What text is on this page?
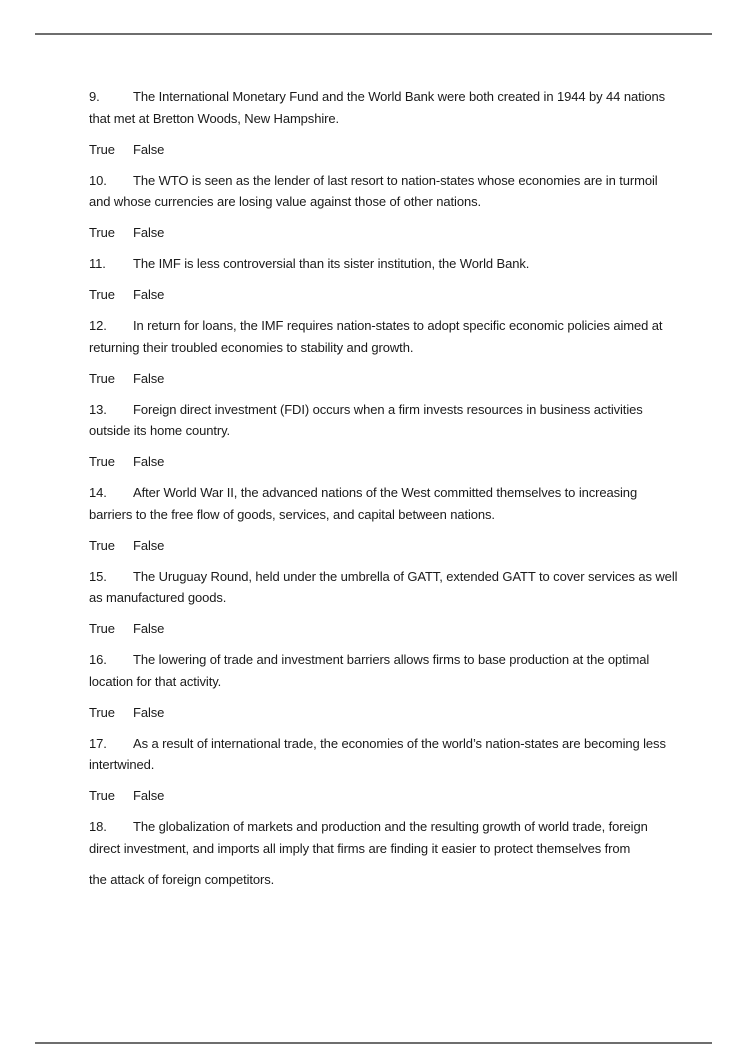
9.	The International Monetary Fund and the World Bank were both created in 1944 by 44 nations
that met at Bretton Woods, New Hampshire.
True False
10. The WTO is seen as the lender of last resort to nation-states whose economies are in turmoil
and whose currencies are losing value against those of other nations.
True False
11. The IMF is less controversial than its sister institution, the World Bank.
True False
12. In return for loans, the IMF requires nation-states to adopt specific economic policies aimed at
returning their troubled economies to stability and growth.
True False
13. Foreign direct investment (FDI) occurs when a firm invests resources in business activities
outside its home country.
True False
14. After World War II, the advanced nations of the West committed themselves to increasing
barriers to the free flow of goods, services, and capital between nations.
True False
15. The Uruguay Round, held under the umbrella of GATT, extended GATT to cover services as well
as manufactured goods.
True False
16. The lowering of trade and investment barriers allows firms to base production at the optimal
location for that activity.
True False
17. As a result of international trade, the economies of the world’s nation-states are becoming less
intertwined.
True False
18. The globalization of markets and production and the resulting growth of world trade, foreign
direct investment, and imports all imply that firms are finding it easier to protect themselves from
the attack of foreign competitors.
